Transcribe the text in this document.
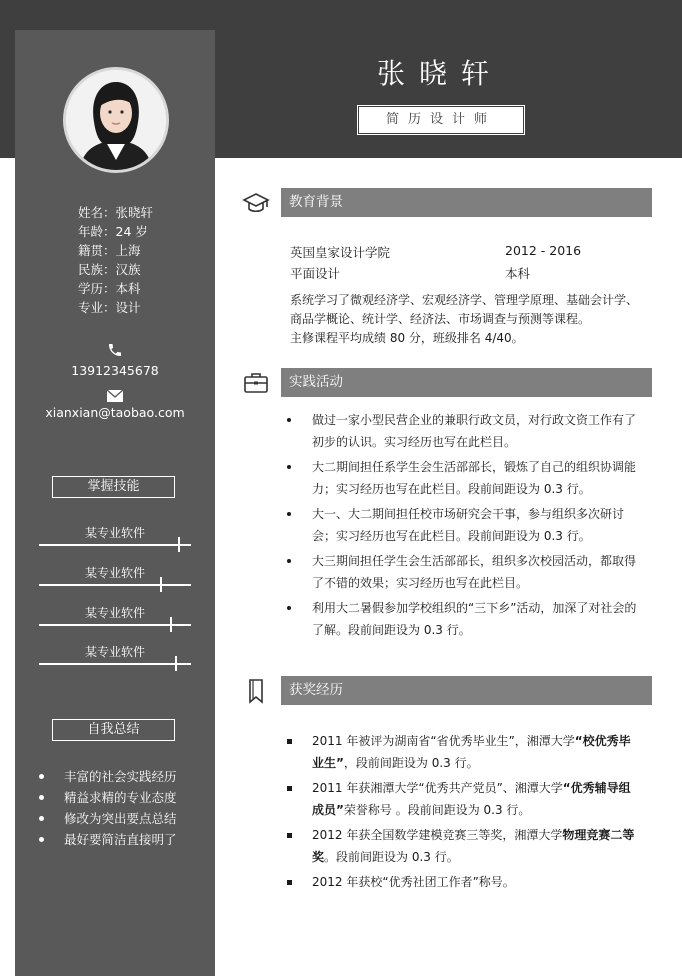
姓名：张晓轩
年龄：24 岁
籍贯：上海
民族：汉族
学历：本科
专业：设计
13912345678
xianxian@taobao.com
掌握技能
某专业软件
某专业软件
某专业软件
某专业软件
自我总结
丰富的社会实践经历
精益求精的专业态度
修改为突出要点总结
最好要简洁直接明了
张晓轩
简历设计师
教育背景
英国皇家设计学院	2012 - 2016
平面设计	本科
系统学习了微观经济学、宏观经济学、管理学原理、基础会计学、
商品学概论、统计学、经济法、市场调查与预测等课程。
主修课程平均成绩 80 分，班级排名 4/40。
实践活动
做过一家小型民营企业的兼职行政文员，对行政文资工作有了初步的认识。实习经历也写在此栏目。
大二期间担任系学生会生活部部长，锻炼了自己的组织协调能力；实习经历也写在此栏目。段前间距设为 0.3 行。
大一、大二期间担任校市场研究会干事，参与组织多次研讨会；实习经历也写在此栏目。段前间距设为 0.3 行。
大三期间担任学生会生活部部长，组织多次校园活动，都取得了不错的效果；实习经历也写在此栏目。
利用大二暑假参加学校组织的“三下乡”活动，加深了对社会的了解。段前间距设为 0.3 行。
获奖经历
2011 年被评为湖南省“省优秀毕业生”，湘潭大学“校优秀毕业生”，段前间距设为 0.3 行。
2011 年获湘潭大学“优秀共产党员”、湘潭大学“优秀辅导组成员”荣誉称号 。段前间距设为 0.3 行。
2012 年获全国数学建模竞赛三等奖，湘潭大学物理竞赛二等奖。段前间距设为 0.3 行。
2012 年获校“优秀社团工作者”称号。
